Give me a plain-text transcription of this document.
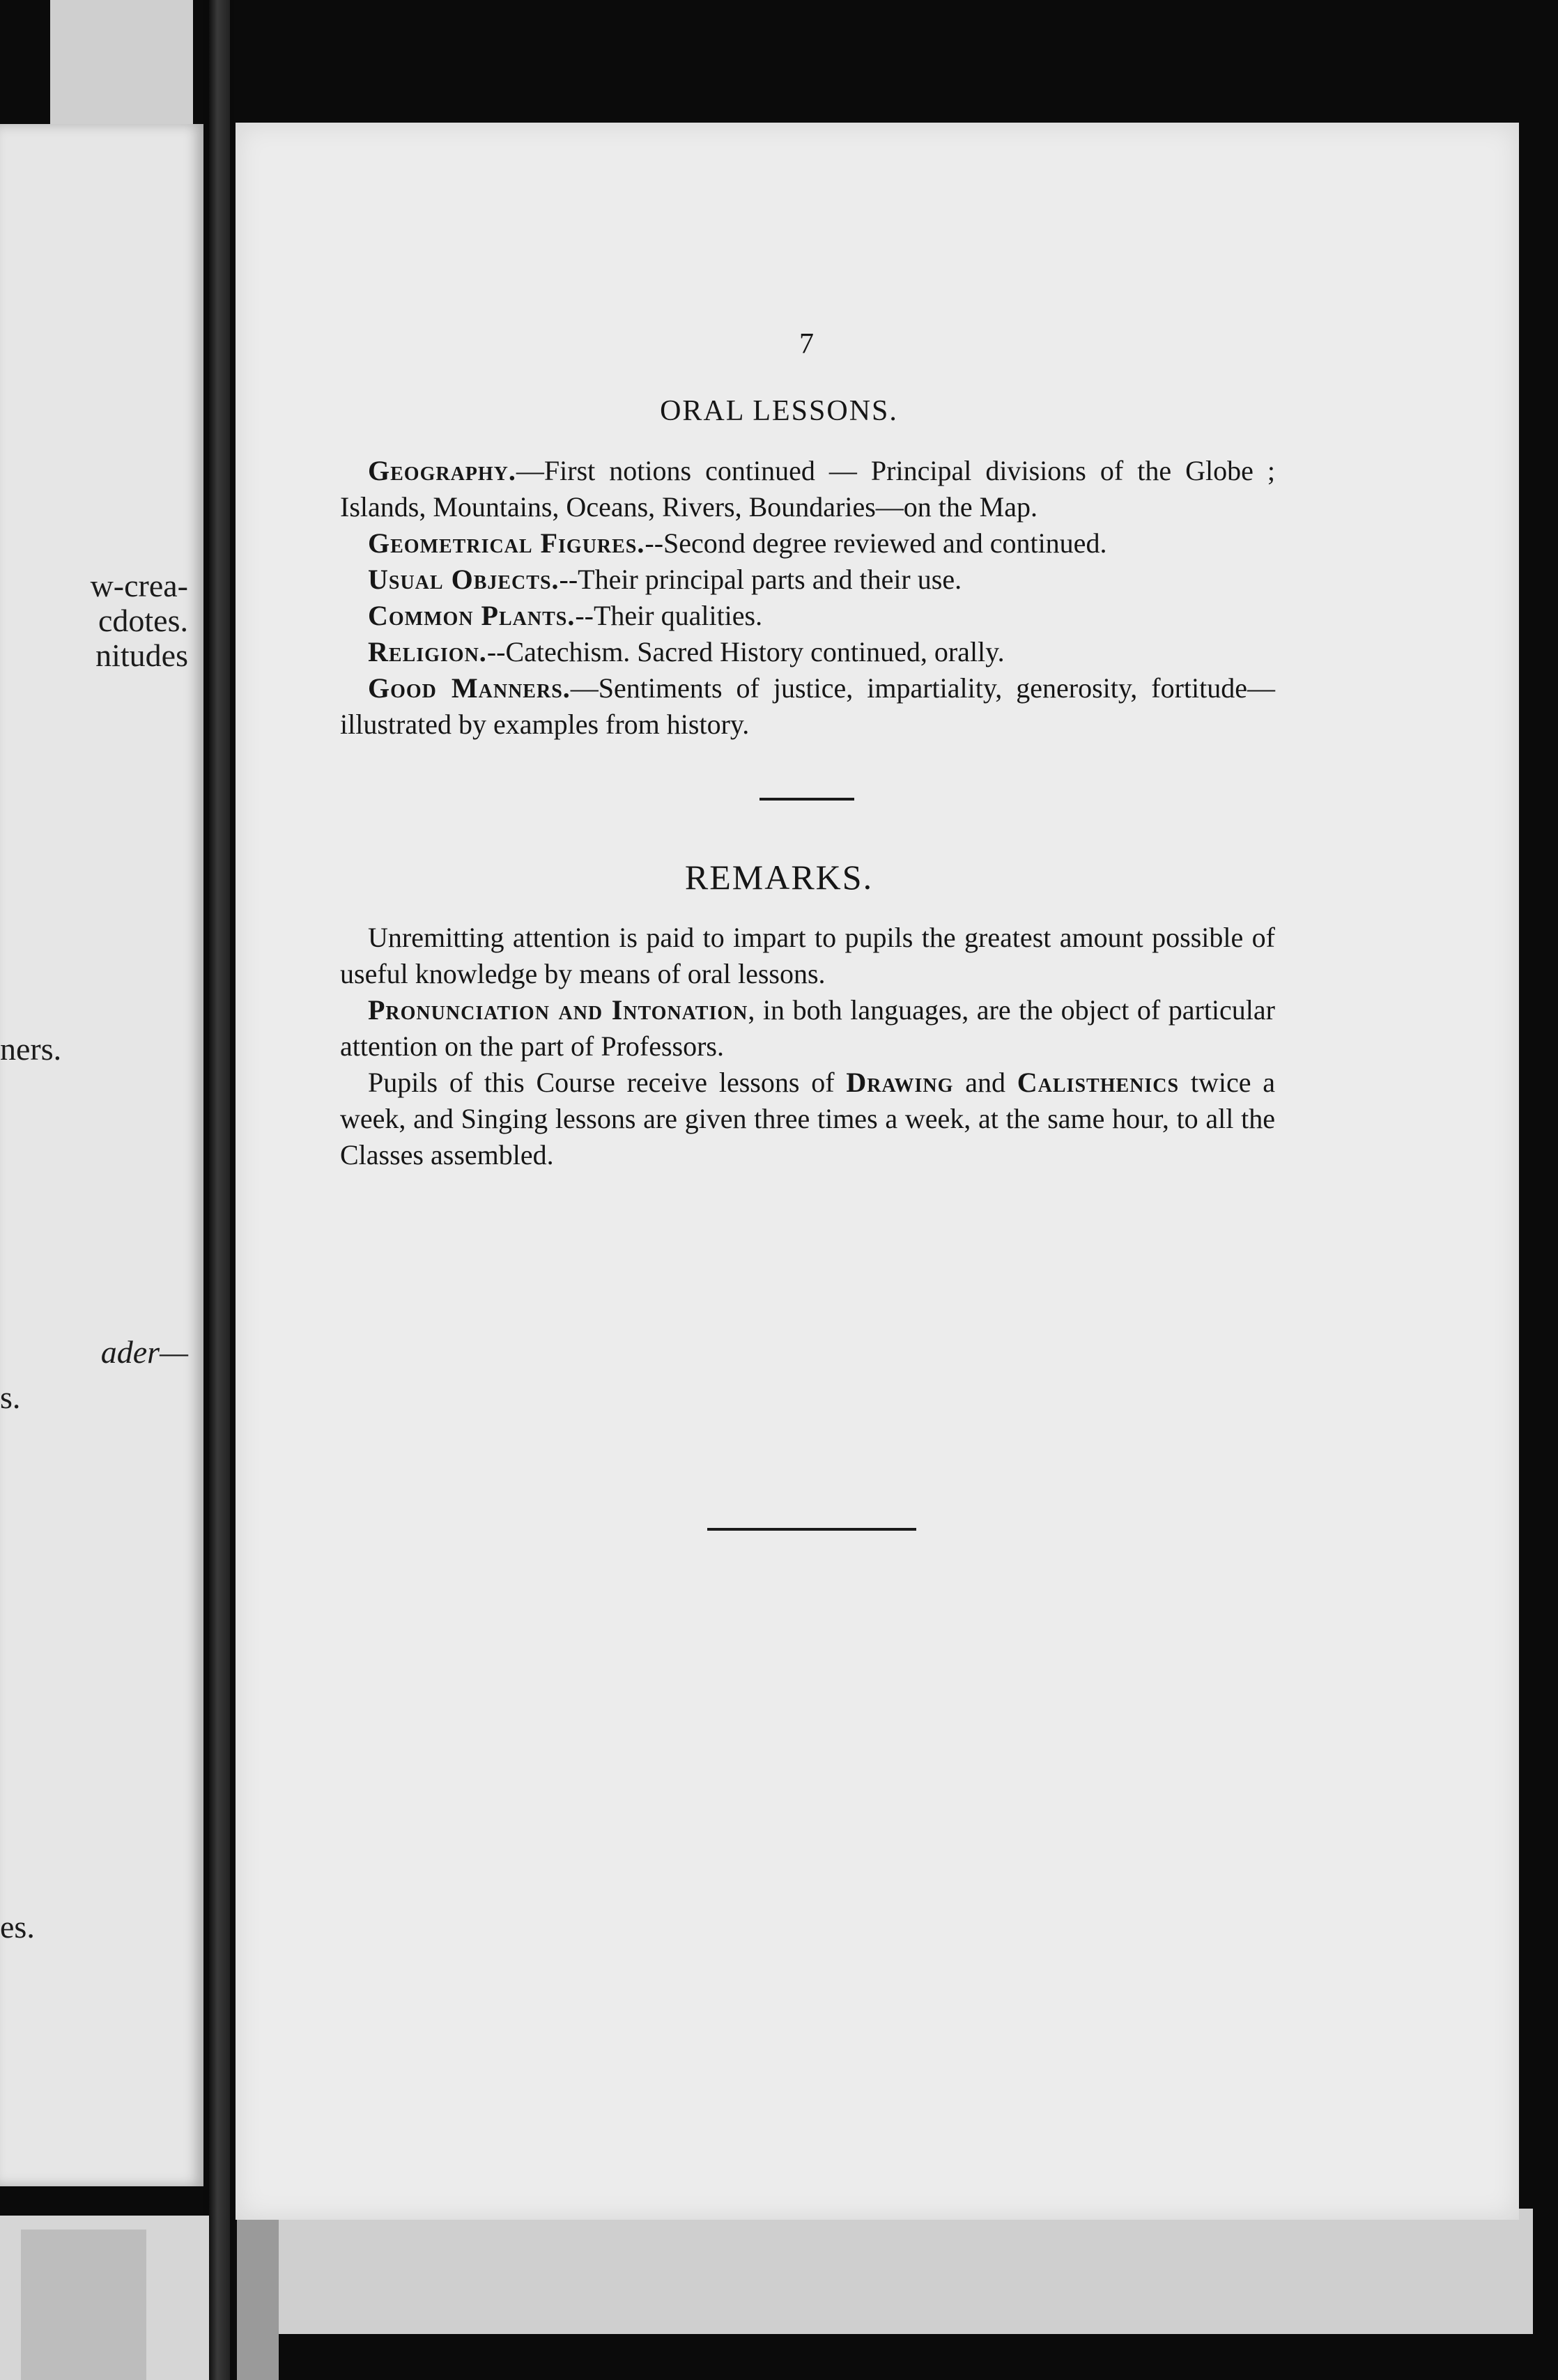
w-crea-
cdotes.
nitudes
ners.
ader—
s.
es.

7
ORAL LESSONS.

Geography.—First notions continued — Principal divisions of the Globe ; Islands, Mountains, Oceans, Rivers, Boundaries—on the Map.

Geometrical Figures.--Second degree reviewed and continued.

Usual Objects.--Their principal parts and their use.

Common Plants.--Their qualities.

Religion.--Catechism. Sacred History continued, orally.

Good Manners.—Sentiments of justice, impartiality, generosity, fortitude—illustrated by examples from history.

REMARKS.

Unremitting attention is paid to impart to pupils the greatest amount possible of useful knowledge by means of oral lessons.

Pronunciation and Intonation, in both languages, are the object of particular attention on the part of Professors.

Pupils of this Course receive lessons of Drawing and Calisthenics twice a week, and Singing lessons are given three times a week, at the same hour, to all the Classes assembled.
